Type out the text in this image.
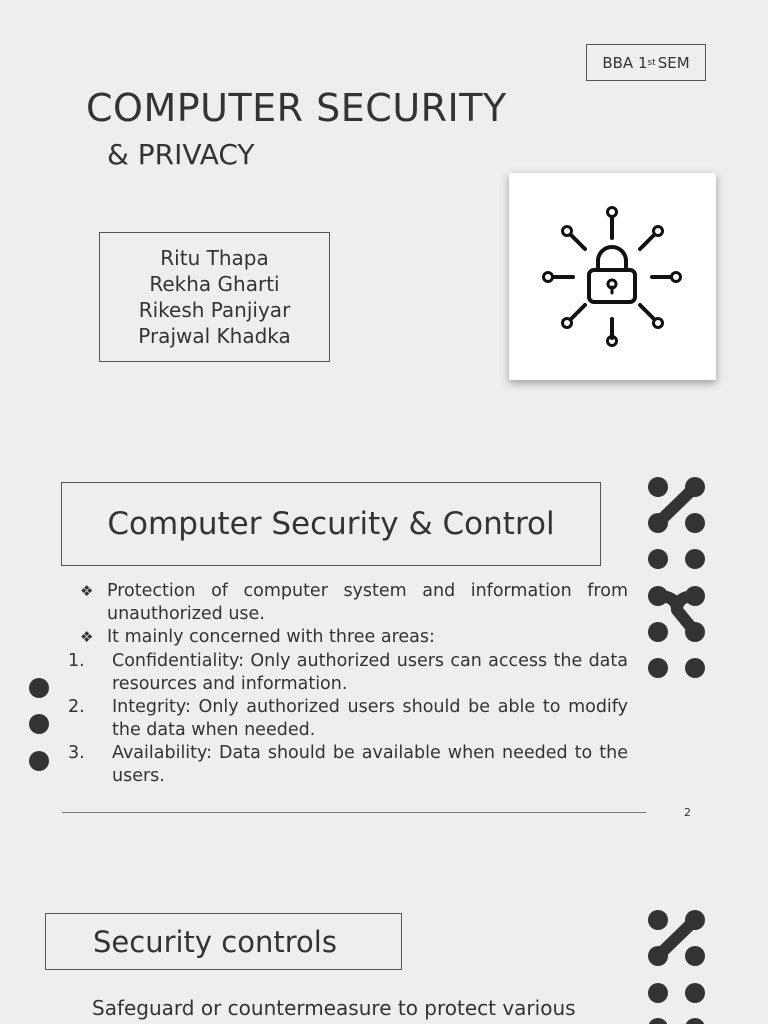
BBA 1 st SEM
COMPUTER SECURITY
& PRIVACY
Ritu Thapa
Rekha Gharti
Rikesh Panjiyar
Prajwal Khadka
Computer Security & Control

❖ Protection of computer system and information from unauthorized use.

❖ It mainly concerned with three areas:

1. Confidentiality: Only authorized users can access the data resources and information.
2. Integrity: Only authorized users should be able to modify the data when needed.
3. Availability: Data should be available when needed to the users.
2
Security controls
Safeguard or countermeasure to protect various
